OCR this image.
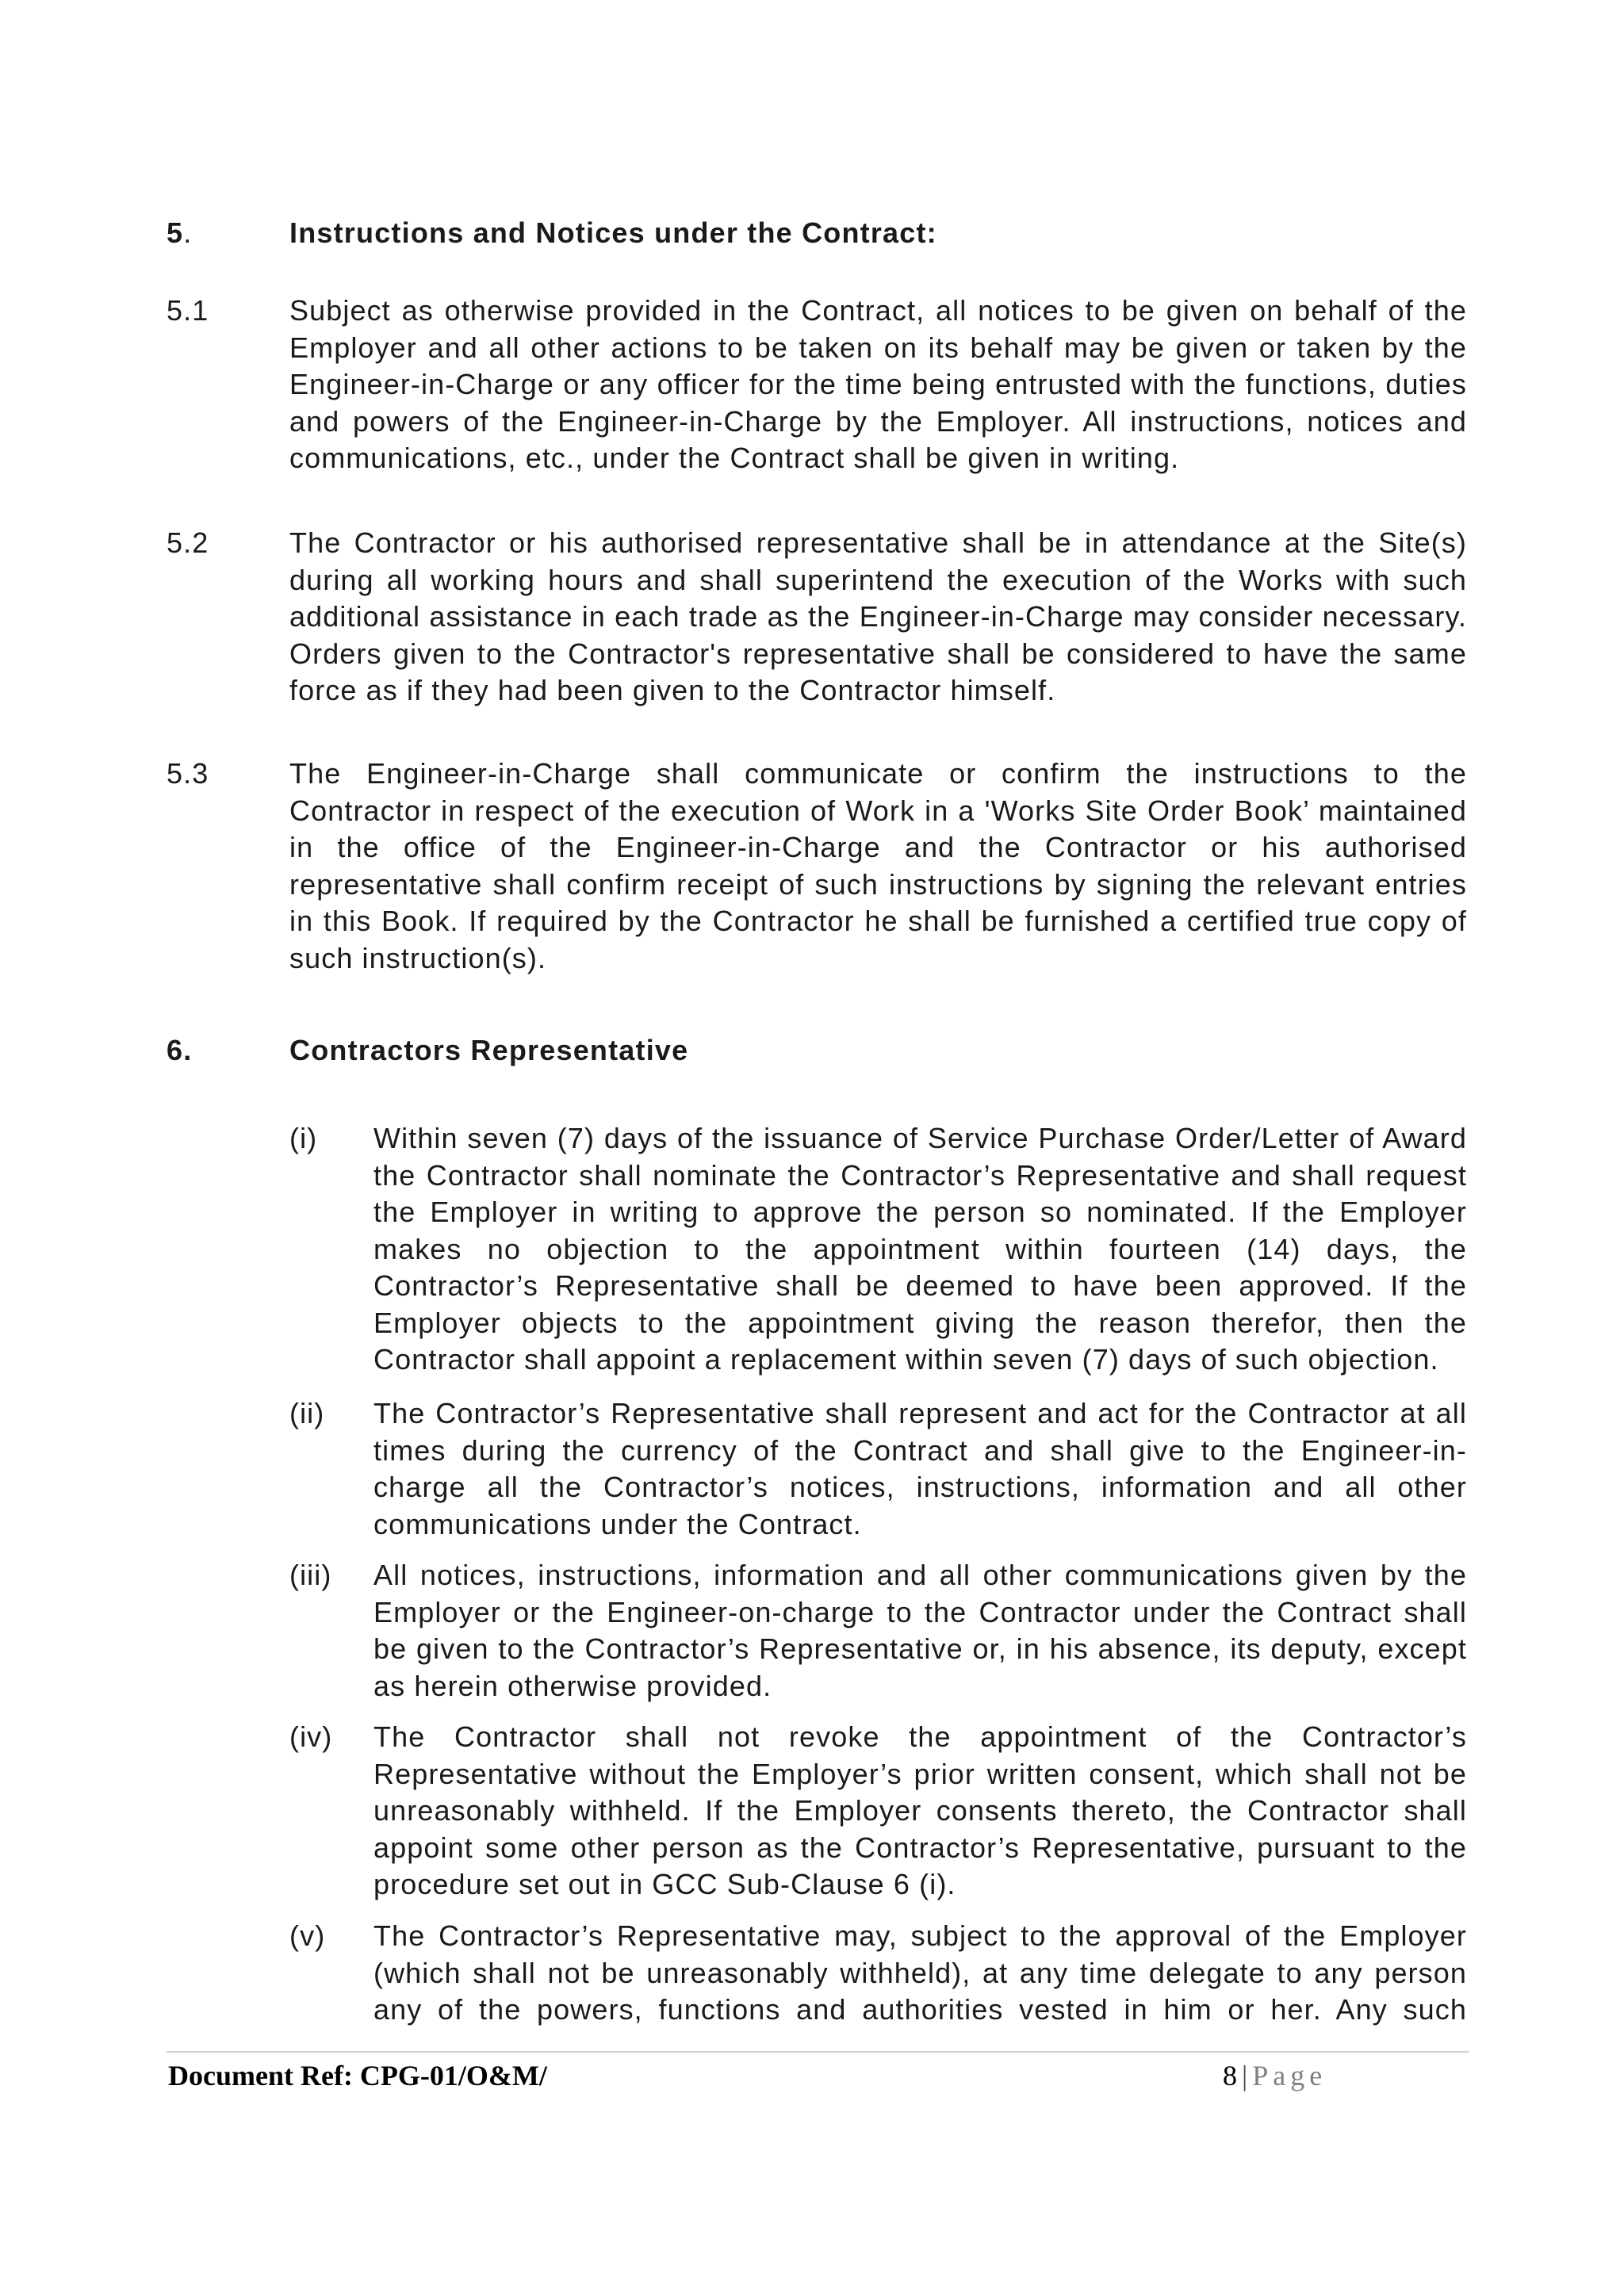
5.	Instructions and Notices under the Contract:
5.1	Subject as otherwise provided in the Contract, all notices to be given on behalf of the Employer and all other actions to be taken on its behalf may be given or taken by the Engineer-in-Charge or any officer for the time being entrusted with the functions, duties and powers of the Engineer-in-Charge by the Employer. All instructions, notices and communications, etc., under the Contract shall be given in writing.
5.2	The Contractor or his authorised representative shall be in attendance at the Site(s) during all working hours and shall superintend the execution of the Works with such additional assistance in each trade as the Engineer-in-Charge may consider necessary. Orders given to the Contractor's representative shall be considered to have the same force as if they had been given to the Contractor himself.
5.3	The Engineer-in-Charge shall communicate or confirm the instructions to the Contractor in respect of the execution of Work in a 'Works Site Order Book’ maintained in the office of the Engineer-in-Charge and the Contractor or his authorised representative shall confirm receipt of such instructions by signing the relevant entries in this Book. If required by the Contractor he shall be furnished a certified true copy of such instruction(s).
6.	Contractors Representative
(i) Within seven (7) days of the issuance of Service Purchase Order/Letter of Award the Contractor shall nominate the Contractor’s Representative and shall request the Employer in writing to approve the person so nominated. If the Employer makes no objection to the appointment within fourteen (14) days, the Contractor’s Representative shall be deemed to have been approved. If the Employer objects to the appointment giving the reason therefor, then the Contractor shall appoint a replacement within seven (7) days of such objection.
(ii) The Contractor’s Representative shall represent and act for the Contractor at all times during the currency of the Contract and shall give to the Engineer-in-charge all the Contractor’s notices, instructions, information and all other communications under the Contract.
(iii) All notices, instructions, information and all other communications given by the Employer or the Engineer-on-charge to the Contractor under the Contract shall be given to the Contractor’s Representative or, in his absence, its deputy, except as herein otherwise provided.
(iv) The Contractor shall not revoke the appointment of the Contractor’s Representative without the Employer’s prior written consent, which shall not be unreasonably withheld. If the Employer consents thereto, the Contractor shall appoint some other person as the Contractor’s Representative, pursuant to the procedure set out in GCC Sub-Clause 6 (i).
(v) The Contractor’s Representative may, subject to the approval of the Employer (which shall not be unreasonably withheld), at any time delegate to any person any of the powers, functions and authorities vested in him or her. Any such
Document Ref: CPG-01/O&M/	8 | Page
